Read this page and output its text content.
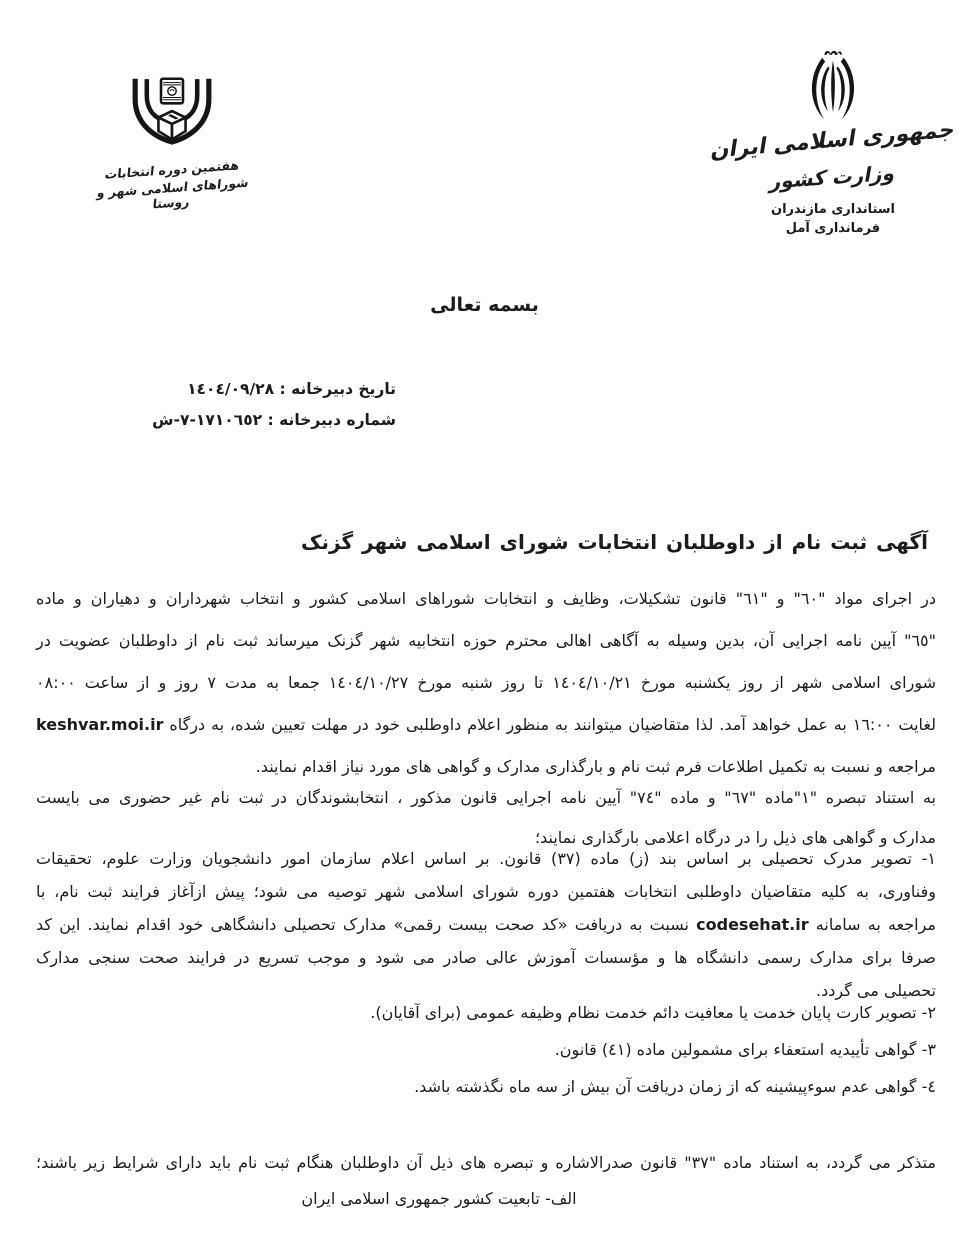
جمهوری اسلامی ایران
وزارت کشور
استانداری مازندران
فرمانداری آمل
هفتمین دوره انتخابات
شوراهای اسلامی شهر و روستا
بسمه تعالی
تاریخ دبیرخانه : ١٤٠٤/٠٩/٢٨
شماره دبیرخانه : ١٧١٠٦٥٢-٧-ش
آگهی ثبت نام از داوطلبان انتخابات شورای اسلامی شهر گزنک
در اجرای مواد "٦٠" و "٦١" قانون تشکیلات، وظایف و انتخابات شوراهای اسلامی کشور و انتخاب شهرداران و دهیاران و ماده
"٦٥" آیین نامه اجرایی آن، بدین وسیله به آگاهی اهالی محترم حوزه انتخابیه شهر گزنک میرساند ثبت نام از داوطلبان عضویت در
شورای اسلامی شهر از روز یکشنبه مورخ ١٤٠٤/١٠/٢١ تا روز شنبه مورخ ١٤٠٤/١٠/٢٧ جمعا به مدت ٧ روز و از ساعت ٠٨:٠٠
لغایت ١٦:٠٠ به عمل خواهد آمد. لذا متقاضیان میتوانند به منظور اعلام داوطلبی خود در مهلت تعیین شده، به درگاه keshvar.moi.ir
مراجعه و نسبت به تکمیل اطلاعات فرم ثبت نام و بارگذاری مدارک و گواهی های مورد نیاز اقدام نمایند.
به استناد تبصره "١"ماده "٦٧" و ماده "٧٤" آیین نامه اجرایی قانون مذکور ، انتخابشوندگان در ثبت نام غیر حضوری می بایست
مدارک و گواهی های ذیل را در درگاه اعلامی بارگذاری نمایند؛
١- تصویر مدرک تحصیلی بر اساس بند (ز) ماده (٣٧) قانون. بر اساس اعلام سازمان امور دانشجویان وزارت علوم، تحقیقات
وفناوری، به کلیه متقاضیان داوطلبی انتخابات هفتمین دوره شورای اسلامی شهر توصیه می شود؛ پیش ازآغاز فرایند ثبت نام، با
مراجعه به سامانه codesehat.ir نسبت به دریافت «کد صحت بیست رقمی» مدارک تحصیلی دانشگاهی خود اقدام نمایند. این کد
صرفا برای مدارک رسمی دانشگاه ها و مؤسسات آموزش عالی صادر می شود و موجب تسریع در فرایند صحت سنجی مدارک
تحصیلی می گردد.
٢- تصویر کارت پایان خدمت یا معافیت دائم خدمت نظام وظیفه عمومی (برای آقایان).
٣- گواهی تأییدیه استعفاء برای مشمولین ماده (٤١) قانون.
٤- گواهی عدم سوءپیشینه که از زمان دریافت آن بیش از سه ماه نگذشته باشد.
متذکر می گردد، به استناد ماده "٣٧" قانون صدرالاشاره و تبصره های ذیل آن داوطلبان هنگام ثبت نام باید دارای شرایط زیر باشند؛
الف- تابعیت کشور جمهوری اسلامی ایران
